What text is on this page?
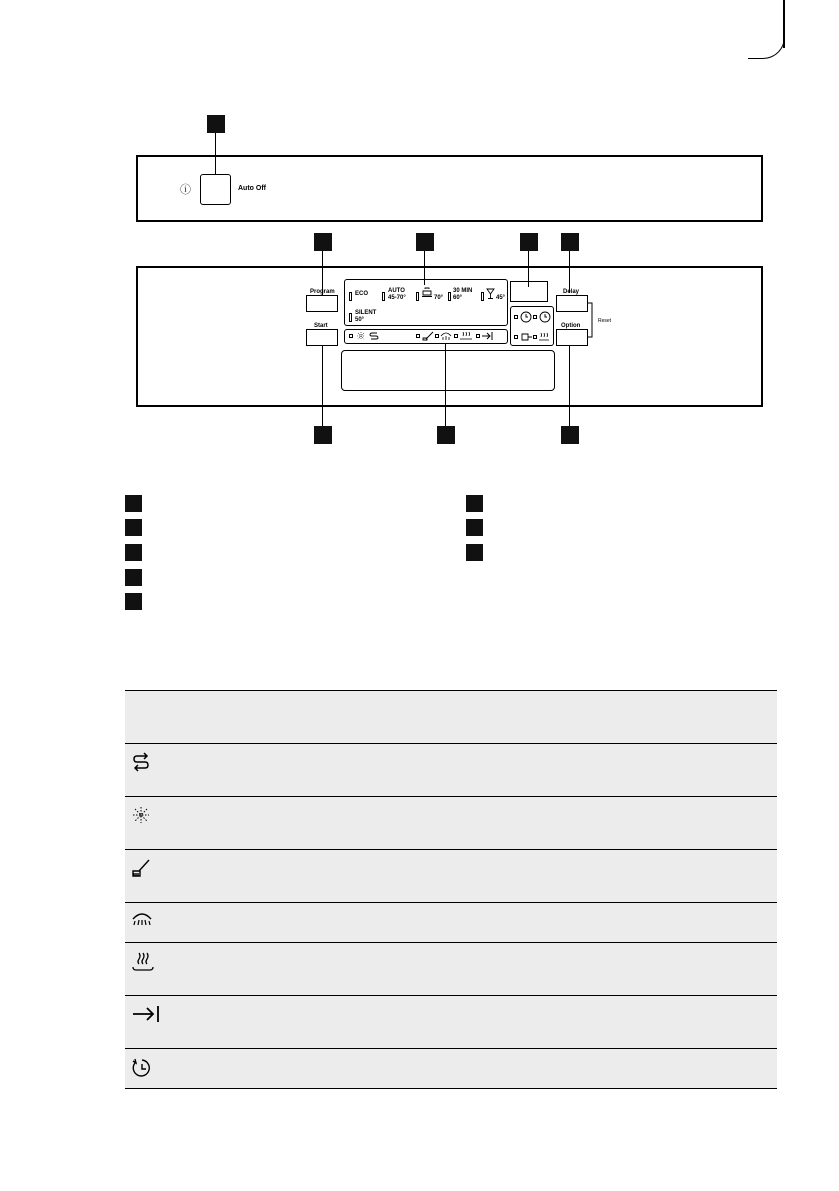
ⓘ	Auto Off
Program
Start
ECO	AUTO
45-70°	70°
30 MIN
60°	45°
SILENT
50°
Delay
Option
Reset
